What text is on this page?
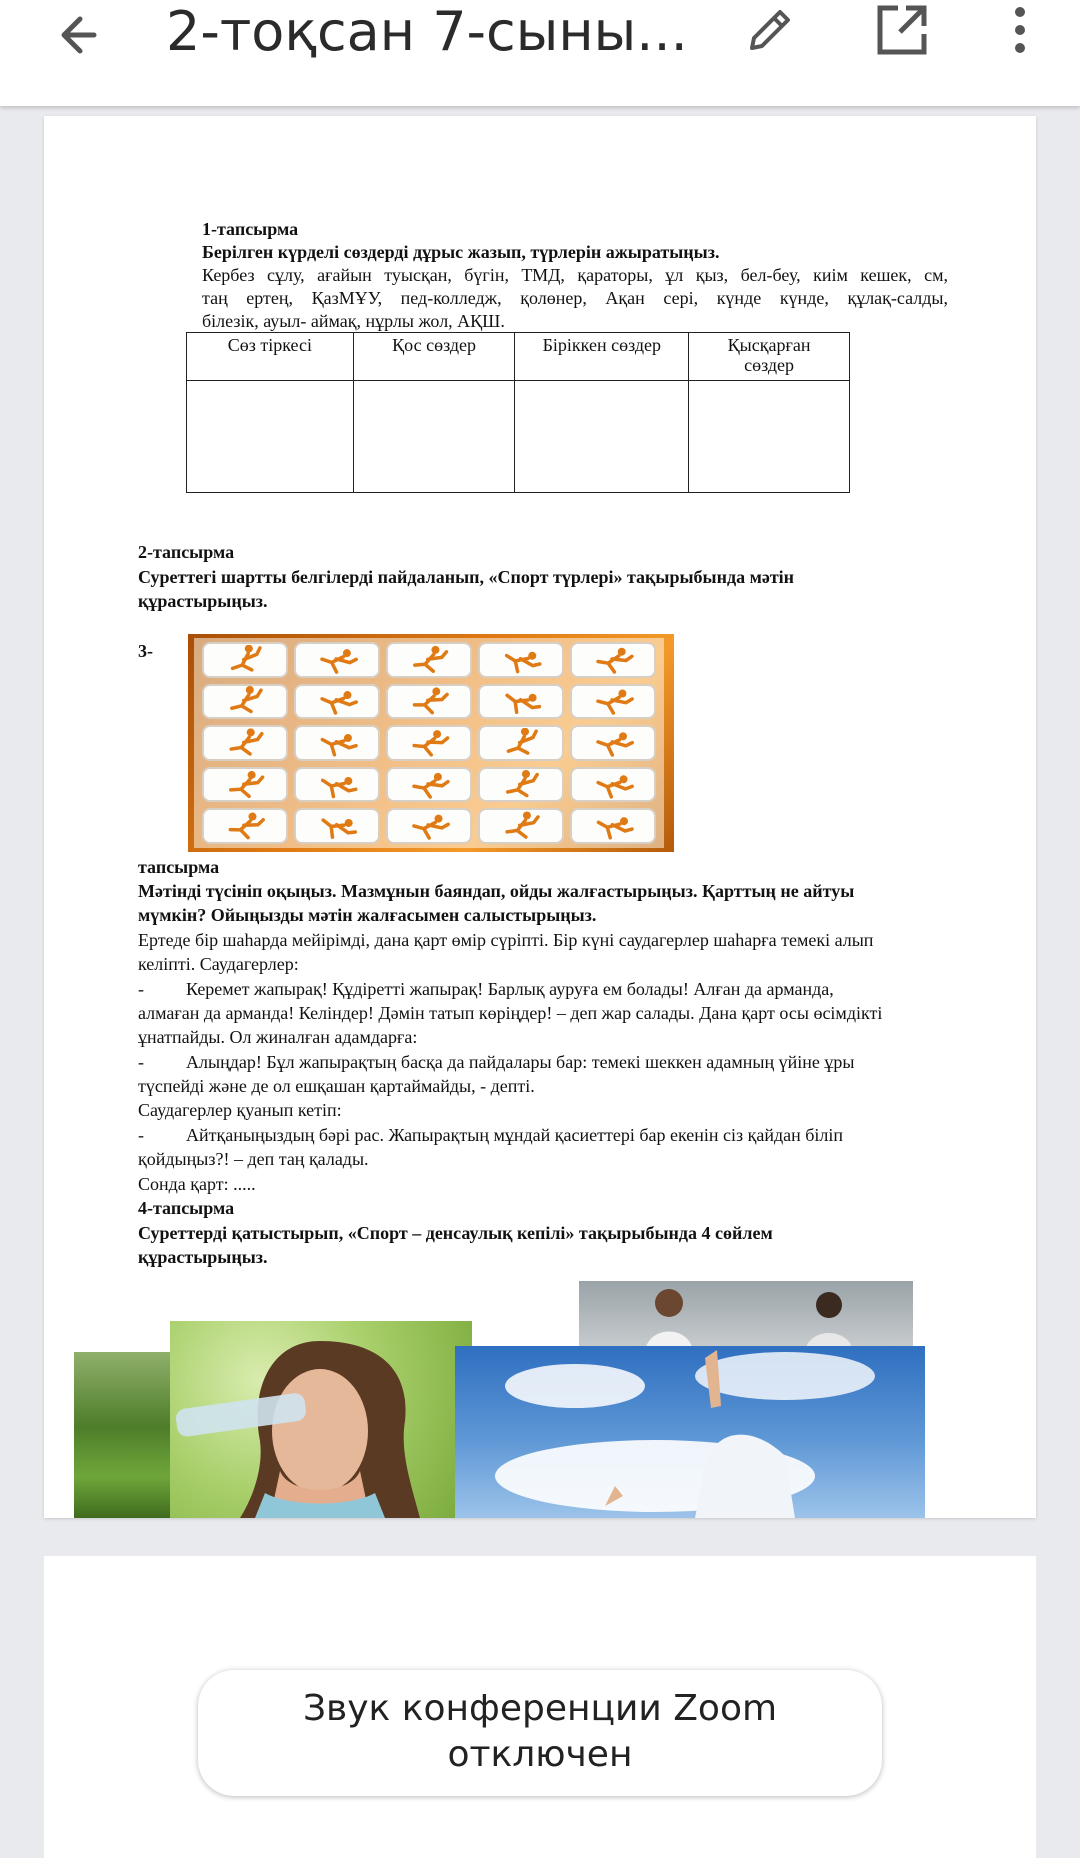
2-тоқсан 7-сыны...
1-тапсырма
Берілген күрделі сөздерді дұрыс жазып, түрлерін ажыратыңыз.
Кербез сұлу, ағайын туысқан, бүгін, ТМД, қараторы, ұл қыз, бел-беу, киім кешек, см,
таң ертең, ҚазМҰУ, пед-колледж, қолөнер, Ақан сері, күнде күнде, құлақ-салды,
білезік, ауыл- аймақ, нұрлы жол, АҚШ.
Сөз тіркесі	Қос сөздер	Біріккен сөздер	Қысқарған
сөздер

2-тапсырма
Суреттегі шартты белгілерді пайдаланып, «Спорт түрлері» тақырыбында мәтін
құрастырыңыз.
3-
тапсырма
Мәтінді түсініп оқыңыз. Мазмұнын баяндап, ойды жалғастырыңыз. Қарттың не айтуы
мүмкін? Ойыңызды мәтін жалғасымен салыстырыңыз.
Ертеде бір шаһарда мейірімді, дана қарт өмір сүріпті. Бір күні саудагерлер шаһарға темекі алып
келіпті. Саудагерлер:
- Керемет жапырақ! Құдіретті жапырақ! Барлық ауруға ем болады! Алған да арманда,
алмаған да арманда! Келіндер! Дәмін татып көріңдер! – деп жар салады. Дана қарт осы өсімдікті
ұнатпайды. Ол жиналған адамдарға:
- Алыңдар! Бұл жапырақтың басқа да пайдалары бар: темекі шеккен адамның үйіне ұры
түспейді және де ол ешқашан қартаймайды, - депті.
Саудагерлер қуанып кетіп:
- Айтқаныңыздың бәрі рас. Жапырақтың мұндай қасиеттері бар екенін сіз қайдан біліп
қойдыңыз?! – деп таң қалады.
Сонда қарт: .....
4-тапсырма
Суреттерді қатыстырып, «Спорт – денсаулық кепілі» тақырыбында 4 сөйлем
құрастырыңыз.
Звук конференции Zoom
отключен
